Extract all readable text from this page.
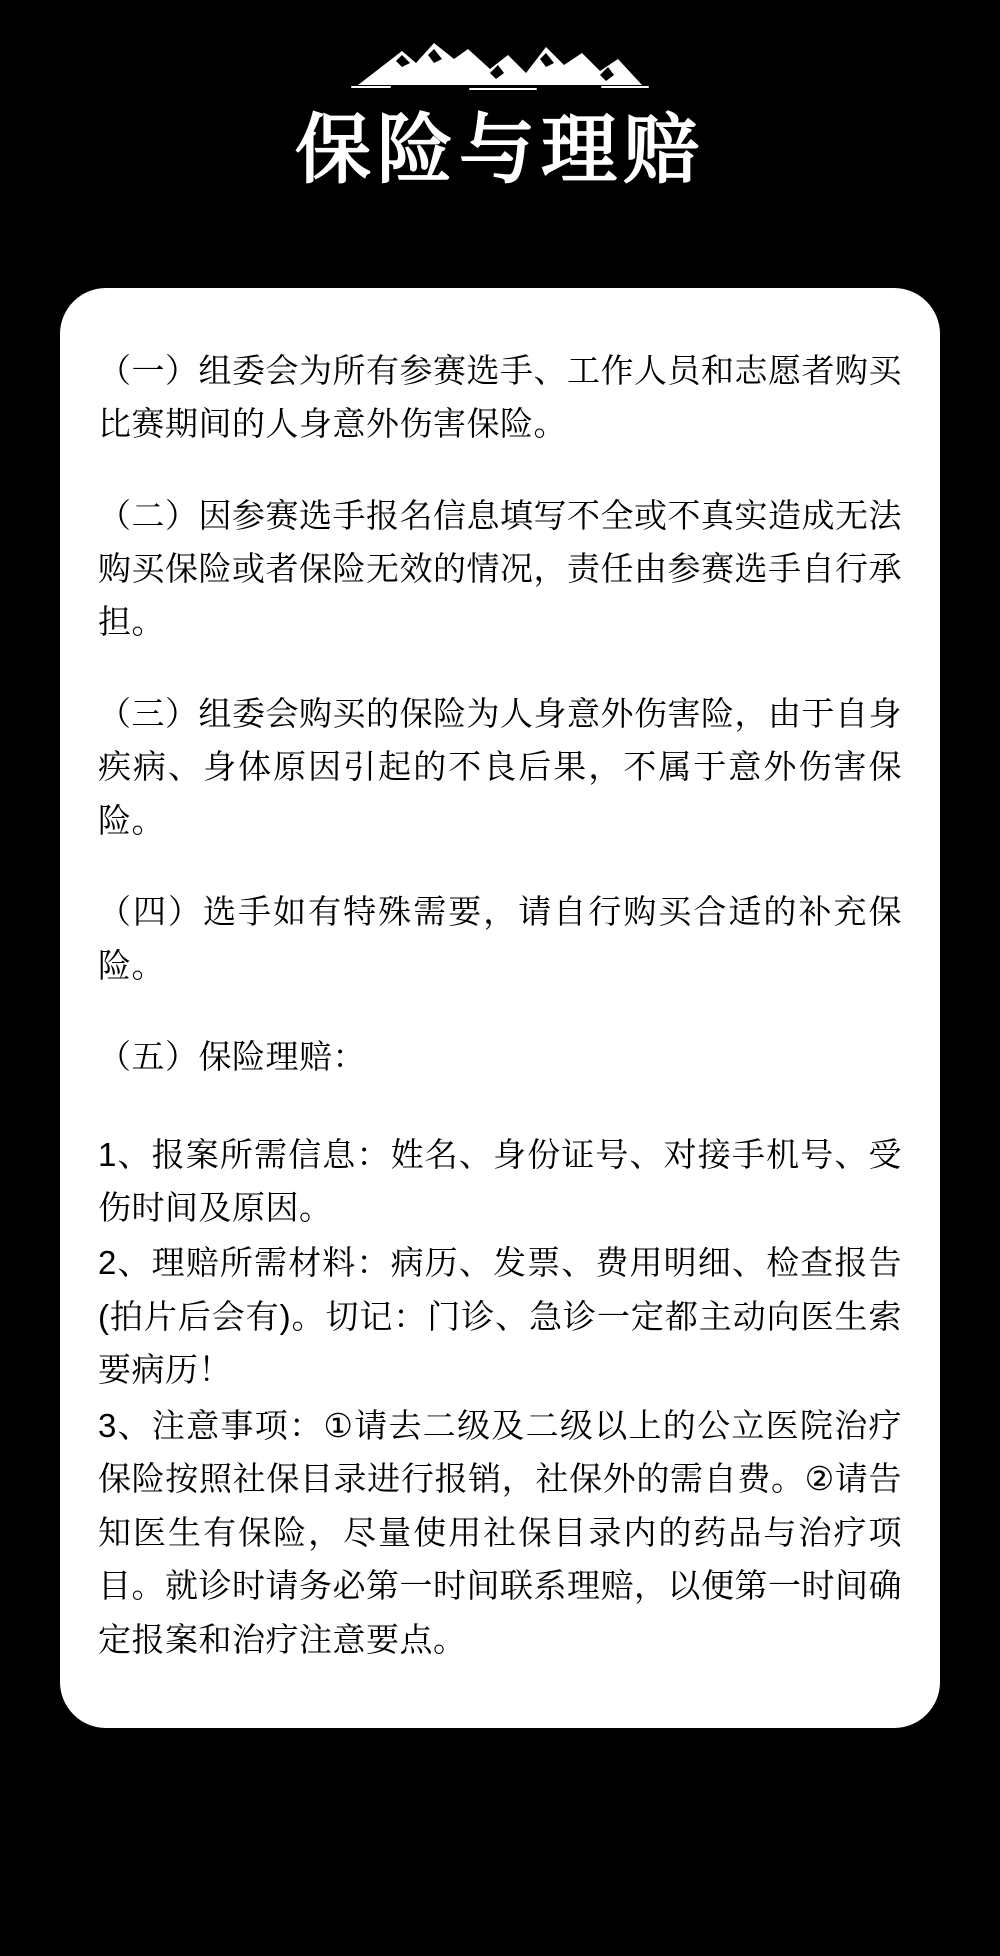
保险与理赔

（一）组委会为所有参赛选手、工作人员和志愿者购买比赛期间的人身意外伤害保险。

（二）因参赛选手报名信息填写不全或不真实造成无法购买保险或者保险无效的情况，责任由参赛选手自行承担。

（三）组委会购买的保险为人身意外伤害险，由于自身疾病、身体原因引起的不良后果，不属于意外伤害保险。

（四）选手如有特殊需要，请自行购买合适的补充保险。

（五）保险理赔：

1、报案所需信息：姓名、身份证号、对接手机号、受伤时间及原因。

2、理赔所需材料：病历、发票、费用明细、检查报告(拍片后会有)。切记：门诊、急诊一定都主动向医生索要病历！

3、注意事项：①请去二级及二级以上的公立医院治疗保险按照社保目录进行报销，社保外的需自费。②请告知医生有保险，尽量使用社保目录内的药品与治疗项目。就诊时请务必第一时间联系理赔，以便第一时间确定报案和治疗注意要点。
